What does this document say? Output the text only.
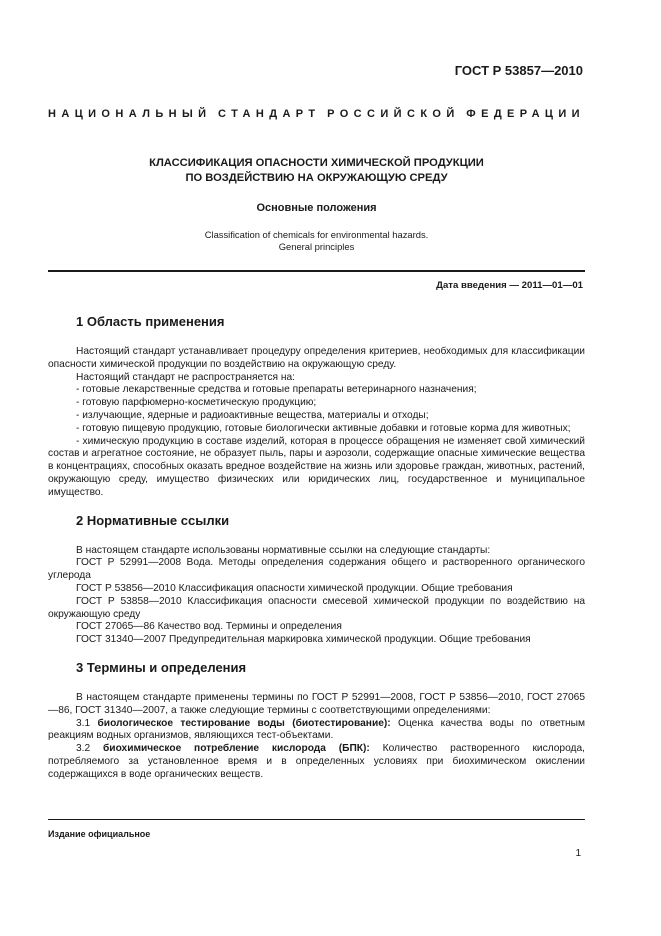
ГОСТ Р 53857—2010
НАЦИОНАЛЬНЫЙ СТАНДАРТ РОССИЙСКОЙ ФЕДЕРАЦИИ
КЛАССИФИКАЦИЯ ОПАСНОСТИ ХИМИЧЕСКОЙ ПРОДУКЦИИ
ПО ВОЗДЕЙСТВИЮ НА ОКРУЖАЮЩУЮ СРЕДУ
Основные положения
Classification of chemicals for environmental hazards.
General principles
Дата введения — 2011—01—01
1 Область применения

Настоящий стандарт устанавливает процедуру определения критериев, необходимых для классификации опасности химической продукции по воздействию на окружающую среду.

Настоящий стандарт не распространяется на:

- готовые лекарственные средства и готовые препараты ветеринарного назначения;

- готовую парфюмерно-косметическую продукцию;

- излучающие, ядерные и радиоактивные вещества, материалы и отходы;

- готовую пищевую продукцию, готовые биологически активные добавки и готовые корма для животных;

- химическую продукцию в составе изделий, которая в процессе обращения не изменяет свой химический состав и агрегатное состояние, не образует пыль, пары и аэрозоли, содержащие опасные химические вещества в концентрациях, способных оказать вредное воздействие на жизнь или здоровье граждан, животных, растений, окружающую среду, имущество физических или юридических лиц, государственное и муниципальное имущество.

2 Нормативные ссылки

В настоящем стандарте использованы нормативные ссылки на следующие стандарты:

ГОСТ Р 52991—2008 Вода. Методы определения содержания общего и растворенного органического углерода

ГОСТ Р 53856—2010 Классификация опасности химической продукции. Общие требования

ГОСТ Р 53858—2010 Классификация опасности смесевой химической продукции по воздействию на окружающую среду

ГОСТ 27065—86 Качество вод. Термины и определения

ГОСТ 31340—2007 Предупредительная маркировка химической продукции. Общие требования

3 Термины и определения

В настоящем стандарте применены термины по ГОСТ Р 52991—2008, ГОСТ Р 53856—2010, ГОСТ 27065—86, ГОСТ 31340—2007, а также следующие термины с соответствующими определениями:

3.1 биологическое тестирование воды (биотестирование): Оценка качества воды по ответным реакциям водных организмов, являющихся тест-объектами.

3.2 биохимическое потребление кислорода (БПК): Количество растворенного кислорода, потребляемого за установленное время и в определенных условиях при биохимическом окислении содержащихся в воде органических веществ.

Издание официальное
1
